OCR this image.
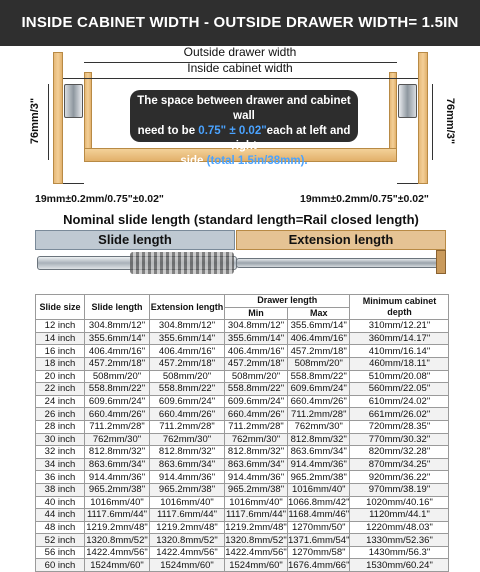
INSIDE CABINET WIDTH - OUTSIDE DRAWER WIDTH= 1.5IN
Outside drawer width
Inside cabinet width
76mm/3"	76mm/3"
19mm±0.2mm/0.75"±0.02"	19mm±0.2mm/0.75"±0.02"
The space between drawer and cabinet wall
need to be 0.75" ± 0.02"each at left and right
side (total 1.5in/38mm).
Nominal slide length (standard length=Rail closed length)
Slide length	Extension length
Slide size	Slide length	Extension length	Drawer length		Minimum cabinet depth
			Min	Max	
12 inch	304.8mm/12"	304.8mm/12"	304.8mm/12"	355.6mm/14"	310mm/12.21"
14 inch	355.6mm/14"	355.6mm/14"	355.6mm/14"	406.4mm/16"	360mm/14.17"
16 inch	406.4mm/16"	406.4mm/16"	406.4mm/16"	457.2mm/18"	410mm/16.14"
18 inch	457.2mm/18"	457.2mm/18"	457.2mm/18"	508mm/20"	460mm/18.11"
20 inch	508mm/20"	508mm/20"	508mm/20"	558.8mm/22"	510mm/20.08"
22 inch	558.8mm/22"	558.8mm/22"	558.8mm/22"	609.6mm/24"	560mm/22.05"
24 inch	609.6mm/24"	609.6mm/24"	609.6mm/24"	660.4mm/26"	610mm/24.02"
26 inch	660.4mm/26"	660.4mm/26"	660.4mm/26"	711.2mm/28"	661mm/26.02"
28 inch	711.2mm/28"	711.2mm/28"	711.2mm/28"	762mm/30"	720mm/28.35"
30 inch	762mm/30"	762mm/30"	762mm/30"	812.8mm/32"	770mm/30.32"
32 inch	812.8mm/32"	812.8mm/32"	812.8mm/32"	863.6mm/34"	820mm/32.28"
34 inch	863.6mm/34"	863.6mm/34"	863.6mm/34"	914.4mm/36"	870mm/34.25"
36 inch	914.4mm/36"	914.4mm/36"	914.4mm/36"	965.2mm/38"	920mm/36.22"
38 inch	965.2mm/38"	965.2mm/38"	965.2mm/38"	1016mm/40"	970mm/38.19"
40 inch	1016mm/40"	1016mm/40"	1016mm/40"	1066.8mm/42"	1020mm/40.16"
44 inch	1117.6mm/44"	1117.6mm/44"	1117.6mm/44"	1168.4mm/46"	1120mm/44.1"
48 inch	1219.2mm/48"	1219.2mm/48"	1219.2mm/48"	1270mm/50"	1220mm/48.03"
52 inch	1320.8mm/52"	1320.8mm/52"	1320.8mm/52"	1371.6mm/54"	1330mm/52.36"
56 inch	1422.4mm/56"	1422.4mm/56"	1422.4mm/56"	1270mm/58"	1430mm/56.3"
60 inch	1524mm/60"	1524mm/60"	1524mm/60"	1676.4mm/66"	1530mm/60.24"
